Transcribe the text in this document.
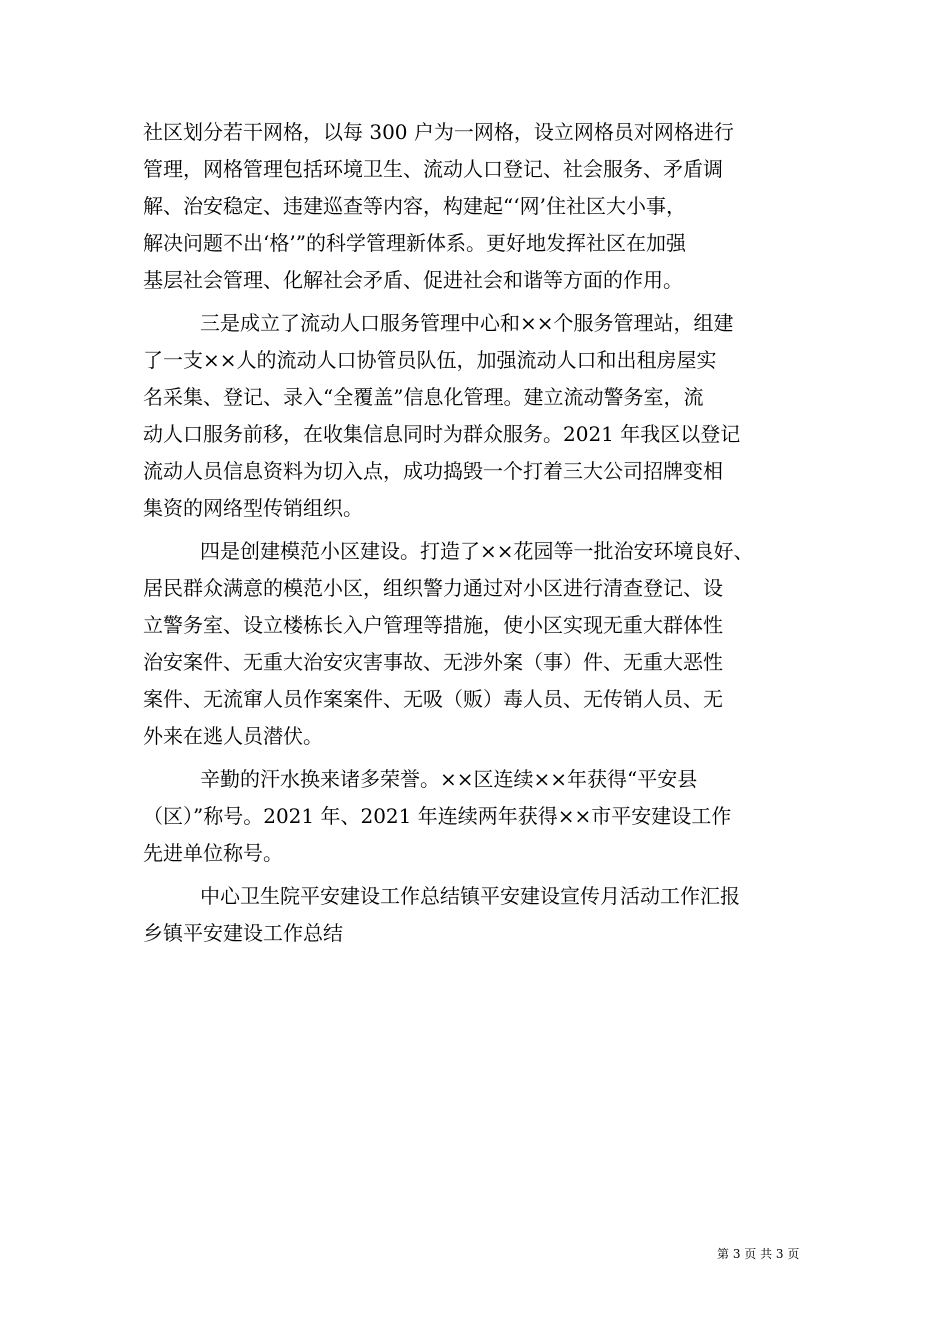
社区划分若干网格，以每 300 户为一网格，设立网格员对网格进行
管理，网格管理包括环境卫生、流动人口登记、社会服务、矛盾调
解、治安稳定、违建巡查等内容，构建起“‘网’住社区大小事，
解决问题不出‘格’”的科学管理新体系。更好地发挥社区在加强
基层社会管理、化解社会矛盾、促进社会和谐等方面的作用。
三是成立了流动人口服务管理中心和××个服务管理站，组建
了一支××人的流动人口协管员队伍，加强流动人口和出租房屋实
名采集、登记、录入“全覆盖”信息化管理。建立流动警务室，流
动人口服务前移，在收集信息同时为群众服务。2021 年我区以登记
流动人员信息资料为切入点，成功捣毁一个打着三大公司招牌变相
集资的网络型传销组织。
四是创建模范小区建设。打造了××花园等一批治安环境良好、
居民群众满意的模范小区，组织警力通过对小区进行清查登记、设
立警务室、设立楼栋长入户管理等措施，使小区实现无重大群体性
治安案件、无重大治安灾害事故、无涉外案（事）件、无重大恶性
案件、无流窜人员作案案件、无吸（贩）毒人员、无传销人员、无
外来在逃人员潜伏。
辛勤的汗水换来诸多荣誉。××区连续××年获得“平安县
（区）”称号。2021 年、2021 年连续两年获得××市平安建设工作
先进单位称号。
中心卫生院平安建设工作总结镇平安建设宣传月活动工作汇报
乡镇平安建设工作总结
第 3 页 共 3 页
